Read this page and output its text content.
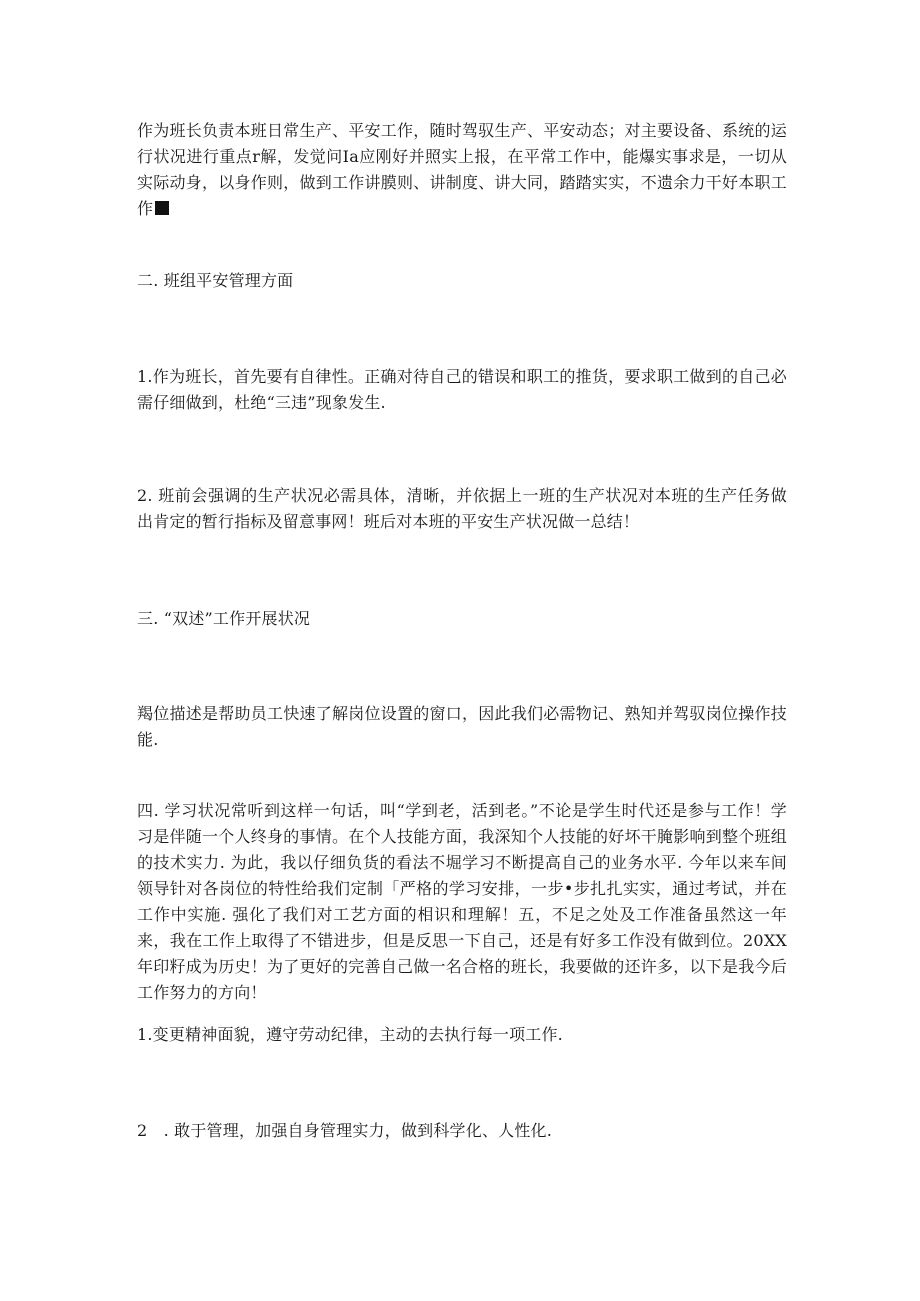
作为班长负责本班日常生产、平安工作，随时驾驭生产、平安动态；对主要设备、系统的运行状况进行重点r解，发觉问Ia应刚好并照实上报，在平常工作中，能爆实事求是，一切从实际动身，以身作则，做到工作讲膜则、讲制度、讲大同，踏踏实实，不遗余力干好本职工作

二. 班组平安管理方面

1.作为班长，首先要有自律性。正确对待自己的错误和职工的推货，要求职工做到的自己必需仔细做到，杜绝“三违”现象发生.

2. 班前会强调的生产状况必需具体，清晰，并依据上一班的生产状况对本班的生产任务做出肯定的暂行指标及留意事网！班后对本班的平安生产状况做一总结！

三. “双述”工作开展状况

羯位描述是帮助员工快速了解岗位设置的窗口，因此我们必需物记、熟知并驾驭岗位操作技能.

四. 学习状况常听到这样一句话，叫“学到老，活到老。”不论是学生时代还是参与工作！学习是伴随一个人终身的事情。在个人技能方面，我深知个人技能的好坏干腌影响到整个班组的技术实力. 为此，我以仔细负货的看法不堀学习不断提高自己的业务水平. 今年以来车间领导针对各岗位的特性给我们定制「严格的学习安排，一步•步扎扎实实，通过考试，并在工作中实施. 强化了我们对工艺方面的相识和理解！五，不足之处及工作准备虽然这一年来，我在工作上取得了不错进步，但是反思一下自己，还是有好多工作没有做到位。20XX年印籽成为历史！为了更好的完善自己做一名合格的班长，我要做的还许多，以下是我今后工作努力的方向！

1.变更精神面貌，遵守劳动纪律，主动的去执行每一项工作.

2　. 敢于管理，加强自身管理实力，做到科学化、人性化.
